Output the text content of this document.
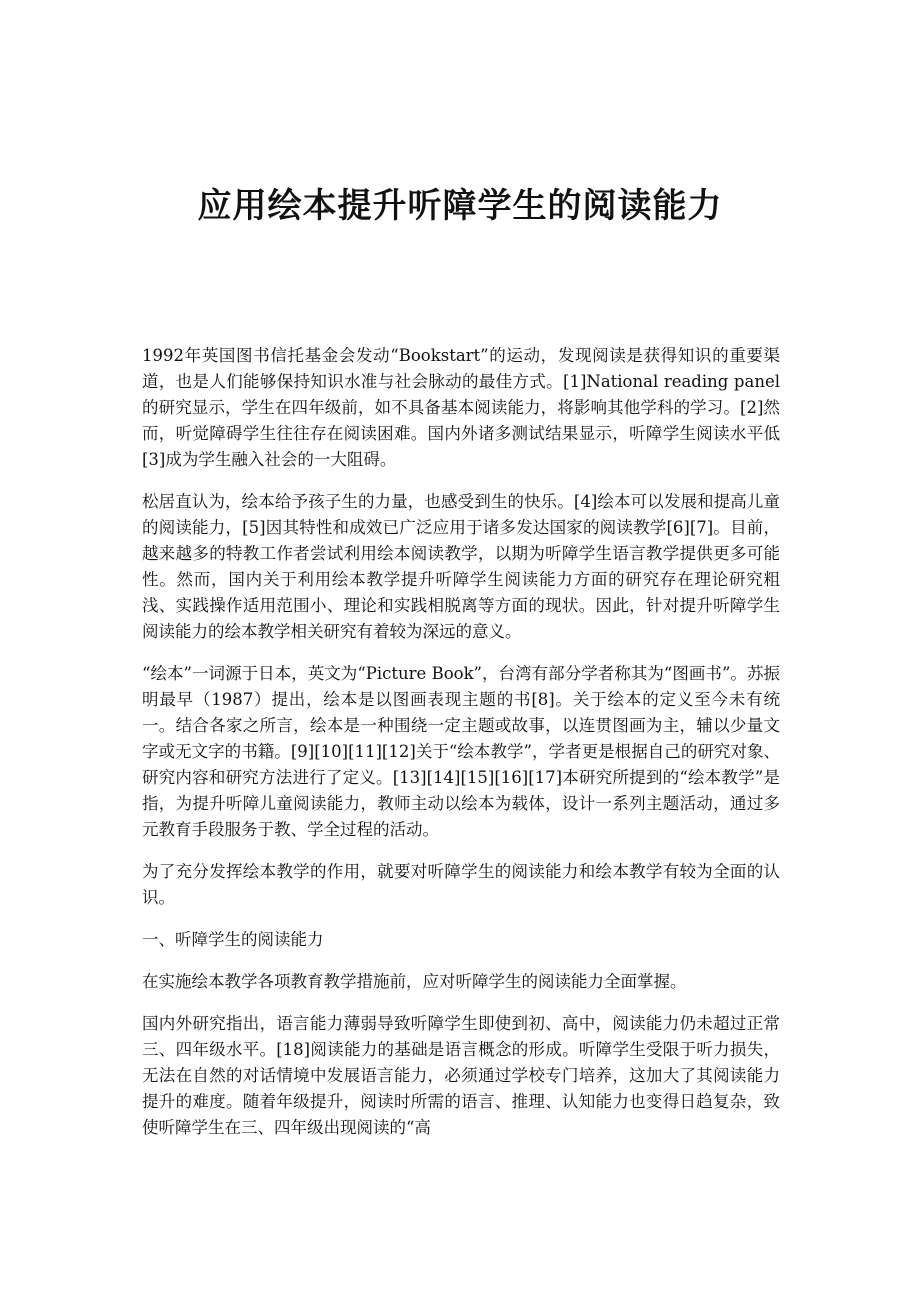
应用绘本提升听障学生的阅读能力

1992年英国图书信托基金会发动“Bookstart”的运动，发现阅读是获得知识的重要渠道，也是人们能够保持知识水准与社会脉动的最佳方式。[1]National reading panel的研究显示，学生在四年级前，如不具备基本阅读能力，将影响其他学科的学习。[2]然而，听觉障碍学生往往存在阅读困难。国内外诸多测试结果显示，听障学生阅读水平低[3]成为学生融入社会的一大阻碍。

松居直认为，绘本给予孩子生的力量，也感受到生的快乐。[4]绘本可以发展和提高儿童的阅读能力，[5]因其特性和成效已广泛应用于诸多发达国家的阅读教学[6][7]。目前，越来越多的特教工作者尝试利用绘本阅读教学，以期为听障学生语言教学提供更多可能性。然而，国内关于利用绘本教学提升听障学生阅读能力方面的研究存在理论研究粗浅、实践操作适用范围小、理论和实践相脱离等方面的现状。因此，针对提升听障学生阅读能力的绘本教学相关研究有着较为深远的意义。

“绘本”一词源于日本，英文为“Picture Book”，台湾有部分学者称其为“图画书”。苏振明最早（1987）提出，绘本是以图画表现主题的书[8]。关于绘本的定义至今未有统一。结合各家之所言，绘本是一种围绕一定主题或故事，以连贯图画为主，辅以少量文字或无文字的书籍。[9][10][11][12]关于“绘本教学”，学者更是根据自己的研究对象、研究内容和研究方法进行了定义。[13][14][15][16][17]本研究所提到的“绘本教学”是指，为提升听障儿童阅读能力，教师主动以绘本为载体，设计一系列主题活动，通过多元教育手段服务于教、学全过程的活动。

为了充分发挥绘本教学的作用，就要对听障学生的阅读能力和绘本教学有较为全面的认识。

一、听障学生的阅读能力

在实施绘本教学各项教育教学措施前，应对听障学生的阅读能力全面掌握。

国内外研究指出，语言能力薄弱导致听障学生即使到初、高中，阅读能力仍未超过正常三、四年级水平。[18]阅读能力的基础是语言概念的形成。听障学生受限于听力损失，无法在自然的对话情境中发展语言能力，必须通过学校专门培养，这加大了其阅读能力提升的难度。随着年级提升，阅读时所需的语言、推理、认知能力也变得日趋复杂，致使听障学生在三、四年级出现阅读的“高
